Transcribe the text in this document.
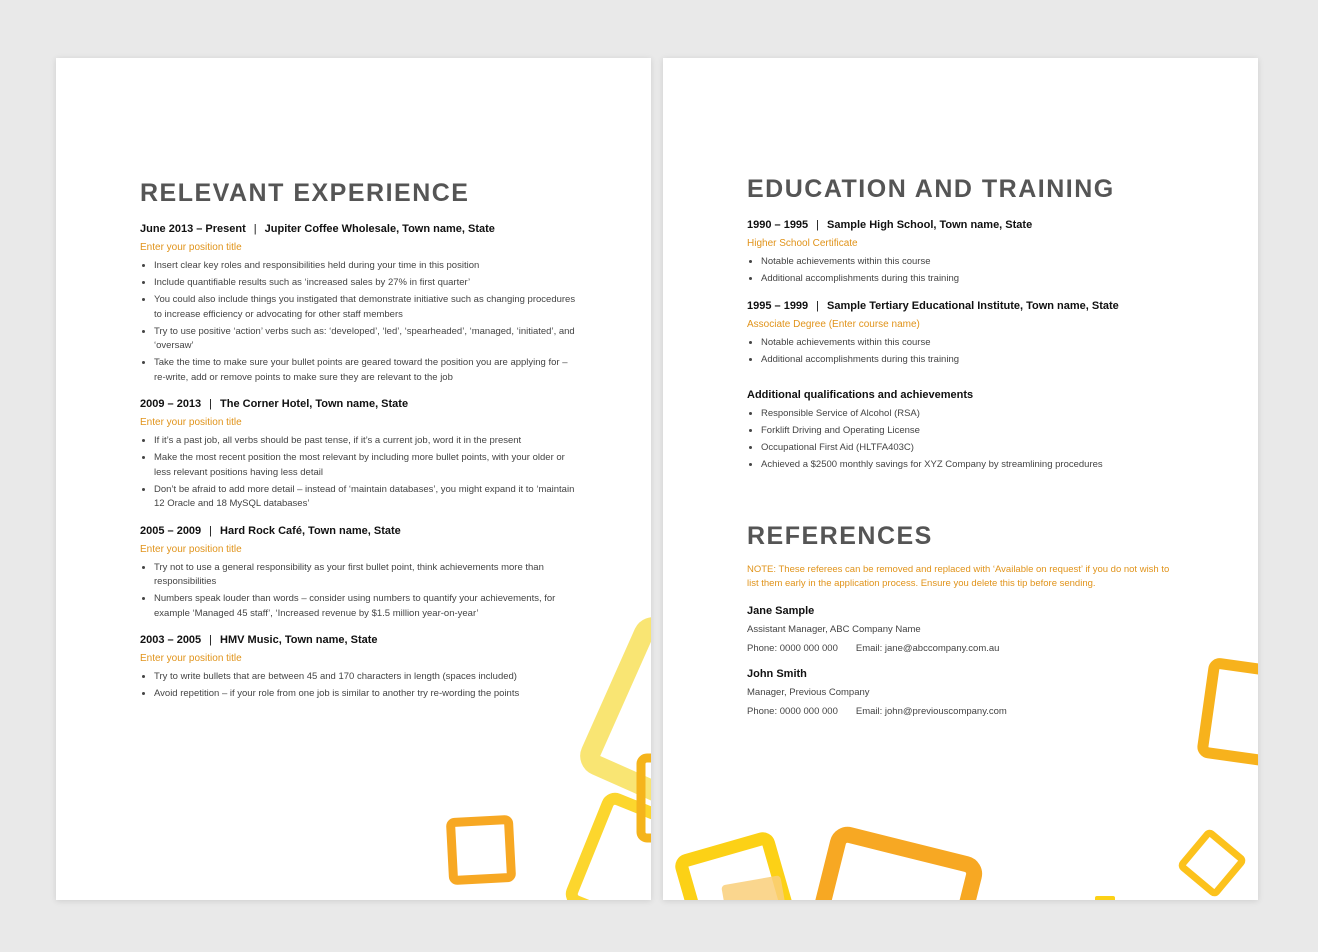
RELEVANT EXPERIENCE
June 2013 – Present | Jupiter Coffee Wholesale, Town name, State
Enter your position title
• Insert clear key roles and responsibilities held during your time in this position
• Include quantifiable results such as ‘increased sales by 27% in first quarter’
• You could also include things you instigated that demonstrate initiative such as changing procedures to increase efficiency or advocating for other staff members
• Try to use positive ‘action’ verbs such as: ‘developed’, ‘led’, ‘spearheaded’, ‘managed, ‘initiated’, and ‘oversaw’
• Take the time to make sure your bullet points are geared toward the position you are applying for – re-write, add or remove points to make sure they are relevant to the job
2009 – 2013 | The Corner Hotel, Town name, State
Enter your position title
• If it’s a past job, all verbs should be past tense, if it’s a current job, word it in the present
• Make the most recent position the most relevant by including more bullet points, with your older or less relevant positions having less detail
• Don’t be afraid to add more detail – instead of ‘maintain databases’, you might expand it to ‘maintain 12 Oracle and 18 MySQL databases’
2005 – 2009 | Hard Rock Café, Town name, State
Enter your position title
• Try not to use a general responsibility as your first bullet point, think achievements more than responsibilities
• Numbers speak louder than words – consider using numbers to quantify your achievements, for example ‘Managed 45 staff’, ‘Increased revenue by $1.5 million year-on-year’
2003 – 2005 | HMV Music, Town name, State
Enter your position title
• Try to write bullets that are between 45 and 170 characters in length (spaces included)
• Avoid repetition – if your role from one job is similar to another try re-wording the points
EDUCATION AND TRAINING
1990 – 1995 | Sample High School, Town name, State
Higher School Certificate
• Notable achievements within this course
• Additional accomplishments during this training
1995 – 1999 | Sample Tertiary Educational Institute, Town name, State
Associate Degree (Enter course name)
• Notable achievements within this course
• Additional accomplishments during this training
Additional qualifications and achievements
• Responsible Service of Alcohol (RSA)
• Forklift Driving and Operating License
• Occupational First Aid (HLTFA403C)
• Achieved a $2500 monthly savings for XYZ Company by streamlining procedures
REFERENCES
NOTE: These referees can be removed and replaced with ‘Available on request’ if you do not wish to list them early in the application process. Ensure you delete this tip before sending.
Jane Sample
Assistant Manager, ABC Company Name
Phone: 0000 000 000 Email: jane@abccompany.com.au
John Smith
Manager, Previous Company
Phone: 0000 000 000 Email: john@previouscompany.com
